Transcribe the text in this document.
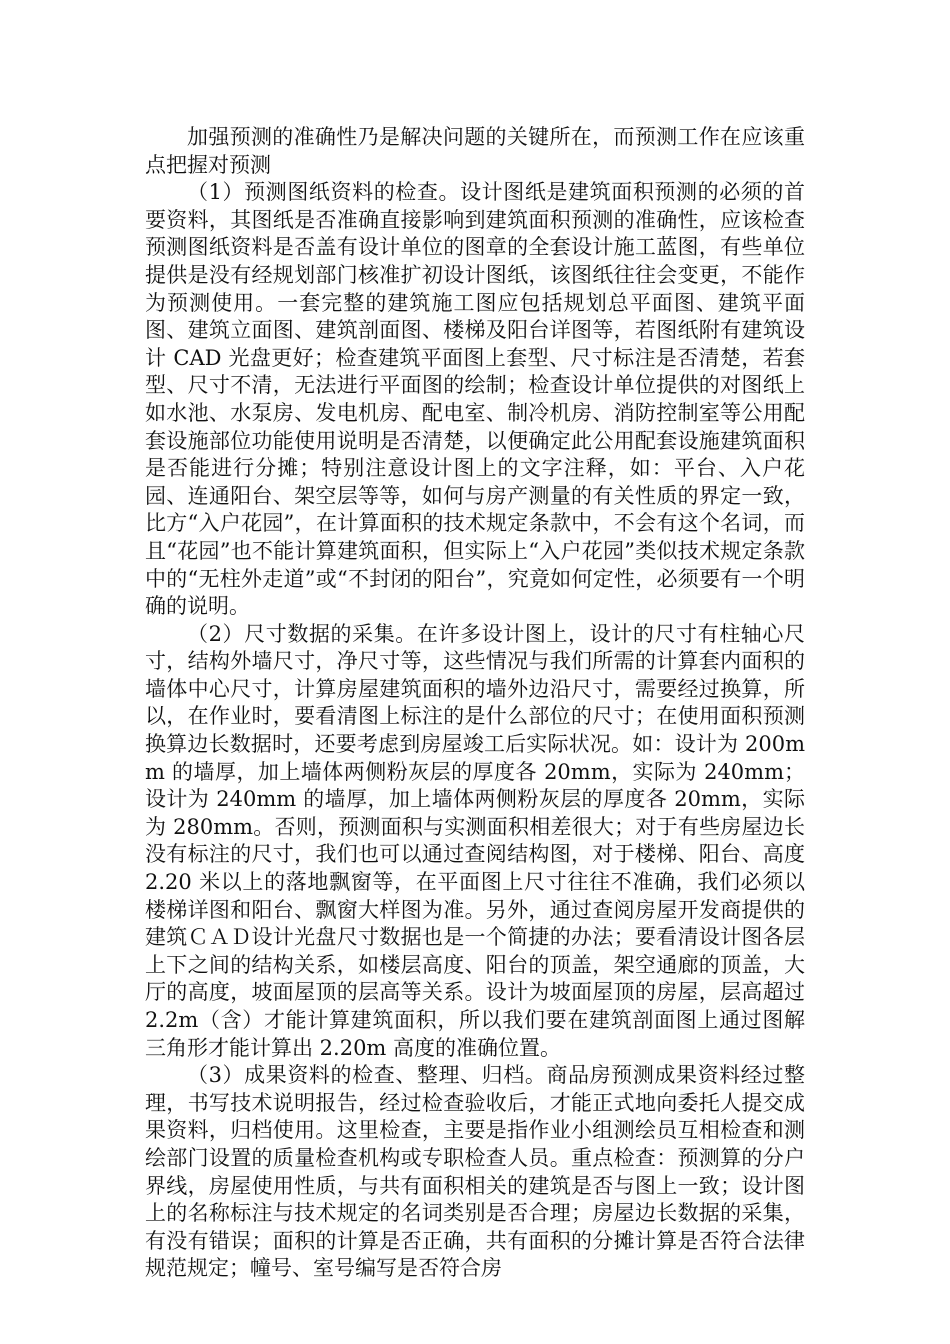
加强预测的准确性乃是解决问题的关键所在，而预测工作在应该重点把握对预测

（1）预测图纸资料的检查。设计图纸是建筑面积预测的必须的首要资料，其图纸是否准确直接影响到建筑面积预测的准确性，应该检查预测图纸资料是否盖有设计单位的图章的全套设计施工蓝图，有些单位提供是没有经规划部门核准扩初设计图纸，该图纸往往会变更，不能作为预测使用。一套完整的建筑施工图应包括规划总平面图、建筑平面图、建筑立面图、建筑剖面图、楼梯及阳台详图等，若图纸附有建筑设计 CAD 光盘更好；检查建筑平面图上套型、尺寸标注是否清楚，若套型、尺寸不清，无法进行平面图的绘制；检查设计单位提供的对图纸上如水池、水泵房、发电机房、配电室、制冷机房、消防控制室等公用配套设施部位功能使用说明是否清楚，以便确定此公用配套设施建筑面积是否能进行分摊；特别注意设计图上的文字注释，如：平台、入户花园、连通阳台、架空层等等，如何与房产测量的有关性质的界定一致，比方“入户花园”，在计算面积的技术规定条款中，不会有这个名词，而且“花园”也不能计算建筑面积，但实际上“入户花园”类似技术规定条款中的“无柱外走道”或“不封闭的阳台”，究竟如何定性，必须要有一个明确的说明。

（2）尺寸数据的采集。在许多设计图上，设计的尺寸有柱轴心尺寸，结构外墙尺寸，净尺寸等，这些情况与我们所需的计算套内面积的墙体中心尺寸，计算房屋建筑面积的墙外边沿尺寸，需要经过换算，所以，在作业时，要看清图上标注的是什么部位的尺寸；在使用面积预测换算边长数据时，还要考虑到房屋竣工后实际状况。如：设计为 200mm 的墙厚，加上墙体两侧粉灰层的厚度各 20mm，实际为 240mm；设计为 240mm 的墙厚，加上墙体两侧粉灰层的厚度各 20mm，实际为 280mm。否则，预测面积与实测面积相差很大；对于有些房屋边长没有标注的尺寸，我们也可以通过查阅结构图，对于楼梯、阳台、高度 2.20 米以上的落地飘窗等，在平面图上尺寸往往不准确，我们必须以楼梯详图和阳台、飘窗大样图为准。另外，通过查阅房屋开发商提供的建筑ＣＡＤ设计光盘尺寸数据也是一个简捷的办法；要看清设计图各层上下之间的结构关系，如楼层高度、阳台的顶盖，架空通廊的顶盖，大厅的高度，坡面屋顶的层高等关系。设计为坡面屋顶的房屋，层高超过 2.2m（含）才能计算建筑面积，所以我们要在建筑剖面图上通过图解三角形才能计算出 2.20m 高度的准确位置。

（3）成果资料的检查、整理、归档。商品房预测成果资料经过整理，书写技术说明报告，经过检查验收后，才能正式地向委托人提交成果资料，归档使用。这里检查，主要是指作业小组测绘员互相检查和测绘部门设置的质量检查机构或专职检查人员。重点检查：预测算的分户界线，房屋使用性质，与共有面积相关的建筑是否与图上一致；设计图上的名称标注与技术规定的名词类别是否合理；房屋边长数据的采集，有没有错误；面积的计算是否正确，共有面积的分摊计算是否符合法律规范规定；幢号、室号编写是否符合房
